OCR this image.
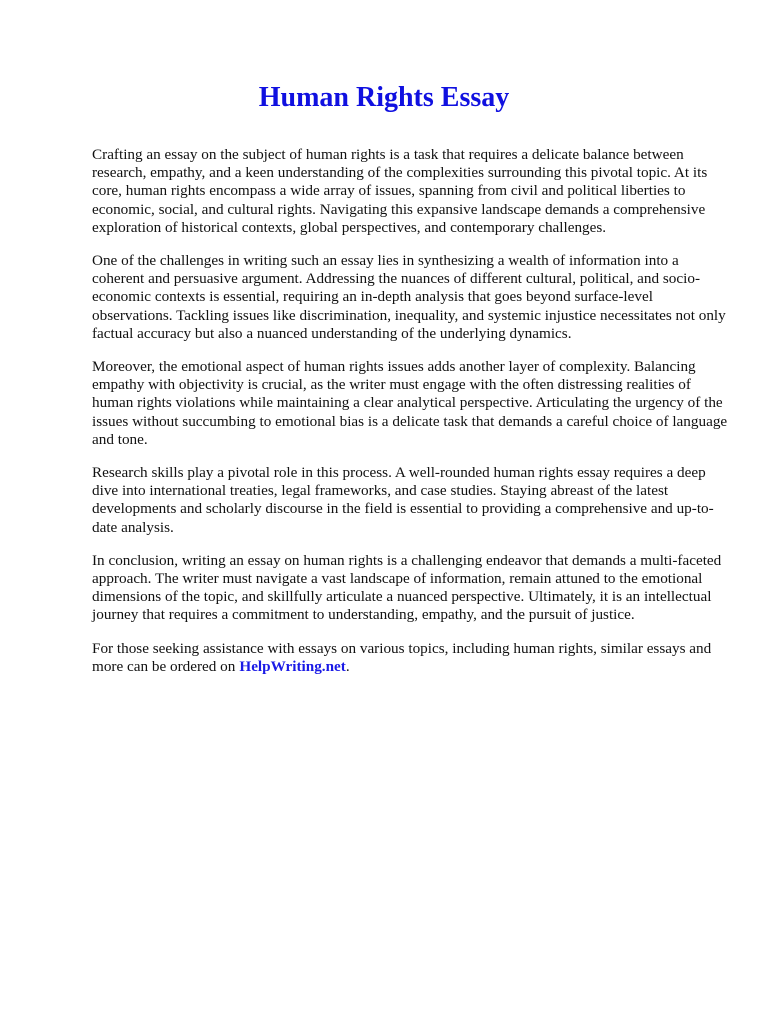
Human Rights Essay

Crafting an essay on the subject of human rights is a task that requires a delicate balance between research, empathy, and a keen understanding of the complexities surrounding this pivotal topic. At its core, human rights encompass a wide array of issues, spanning from civil and political liberties to economic, social, and cultural rights. Navigating this expansive landscape demands a comprehensive exploration of historical contexts, global perspectives, and contemporary challenges.

One of the challenges in writing such an essay lies in synthesizing a wealth of information into a coherent and persuasive argument. Addressing the nuances of different cultural, political, and socio-economic contexts is essential, requiring an in-depth analysis that goes beyond surface-level observations. Tackling issues like discrimination, inequality, and systemic injustice necessitates not only factual accuracy but also a nuanced understanding of the underlying dynamics.

Moreover, the emotional aspect of human rights issues adds another layer of complexity. Balancing empathy with objectivity is crucial, as the writer must engage with the often distressing realities of human rights violations while maintaining a clear analytical perspective. Articulating the urgency of the issues without succumbing to emotional bias is a delicate task that demands a careful choice of language and tone.

Research skills play a pivotal role in this process. A well-rounded human rights essay requires a deep dive into international treaties, legal frameworks, and case studies. Staying abreast of the latest developments and scholarly discourse in the field is essential to providing a comprehensive and up-to-date analysis.

In conclusion, writing an essay on human rights is a challenging endeavor that demands a multi-faceted approach. The writer must navigate a vast landscape of information, remain attuned to the emotional dimensions of the topic, and skillfully articulate a nuanced perspective. Ultimately, it is an intellectual journey that requires a commitment to understanding, empathy, and the pursuit of justice.

For those seeking assistance with essays on various topics, including human rights, similar essays and more can be ordered on HelpWriting.net.
